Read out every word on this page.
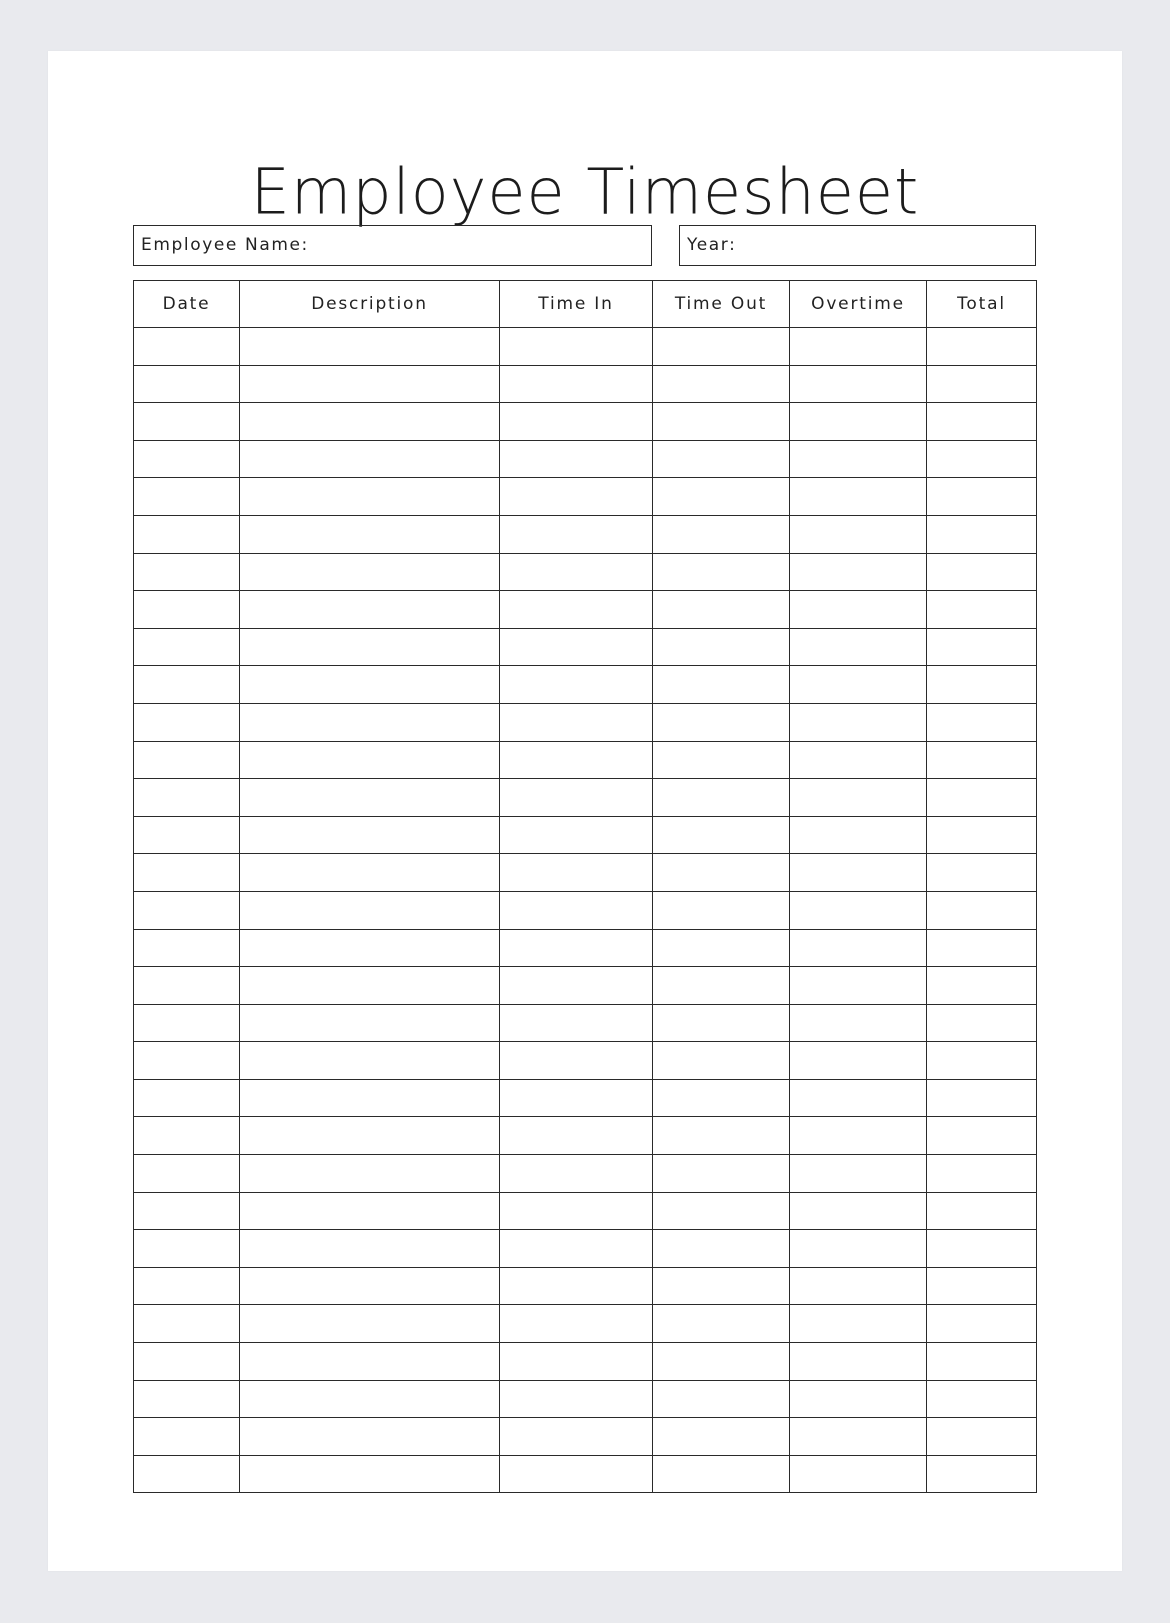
Employee Timesheet
Employee Name:	Year:
Date	Description	Time In	Time Out	Overtime	Total
